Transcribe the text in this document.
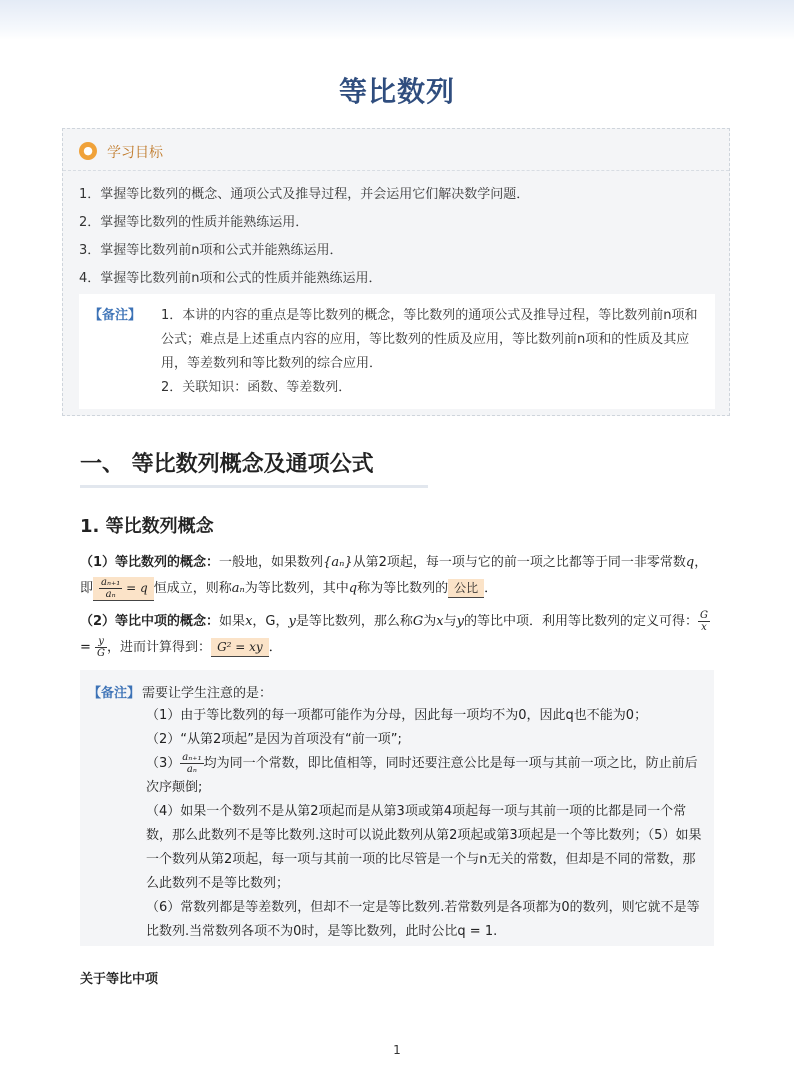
等比数列
●	学习目标
1．掌握等比数列的概念、通项公式及推导过程，并会运用它们解决数学问题．
2．掌握等比数列的性质并能熟练运用．
3．掌握等比数列前n项和公式并能熟练运用．
4．掌握等比数列前n项和公式的性质并能熟练运用．
【备注】 1．本讲的内容的重点是等比数列的概念，等比数列的通项公式及推导过程，等比数列前n项和公式；难点是上述重点内容的应用，等比数列的性质及应用，等比数列前n项和的性质及其应用，等差数列和等比数列的综合应用．

2．关联知识：函数、等差数列．

一、 等比数列概念及通项公式
1. 等比数列概念
（1）等比数列的概念：一般地，如果数列{aₙ}从第2项起，每一项与它的前一项之比都等于同一非零常数q，即 $\frac{\text{aₙ₊₁}}{\text{aₙ}} = q$ 恒成立，则称aₙ为等比数列，其中q称为等比数列的 公比 ．
（2）等比中项的概念：如果x，G，y是等比数列，那么称G为x与y的等比中项．利用等比数列的定义可得： $\frac{G}{x}$
= $\frac{y}{G}$ ，进而计算得到： G² = xy ．
【备注】 需要让学生注意的是：

（1）由于等比数列的每一项都可能作为分母，因此每一项均不为0，因此q也不能为0；

（2）“从第2项起”是因为首项没有“前一项”;

$(3) \frac{\text{aₙ₊₁}}{\text{aₙ}}$ 均为同一个常数，即比值相等，同时还要注意公比是每一项与其前一项之比，防止前后次序颠倒;

（4）如果一个数列不是从第2项起而是从第3项或第4项起每一项与其前一项的比都是同一个常数，那么此数列不是等比数列.这时可以说此数列从第2项起或第3项起是一个等比数列；（5）如果一个数列从第2项起，每一项与其前一项的比尽管是一个与n无关的常数，但却是不同的常数，那么此数列不是等比数列；

（6）常数列都是等差数列，但却不一定是等比数列.若常数列是各项都为0的数列，则它就不是等比数列.当常数列各项不为0时，是等比数列，此时公比q = 1.

关于等比中项
1
